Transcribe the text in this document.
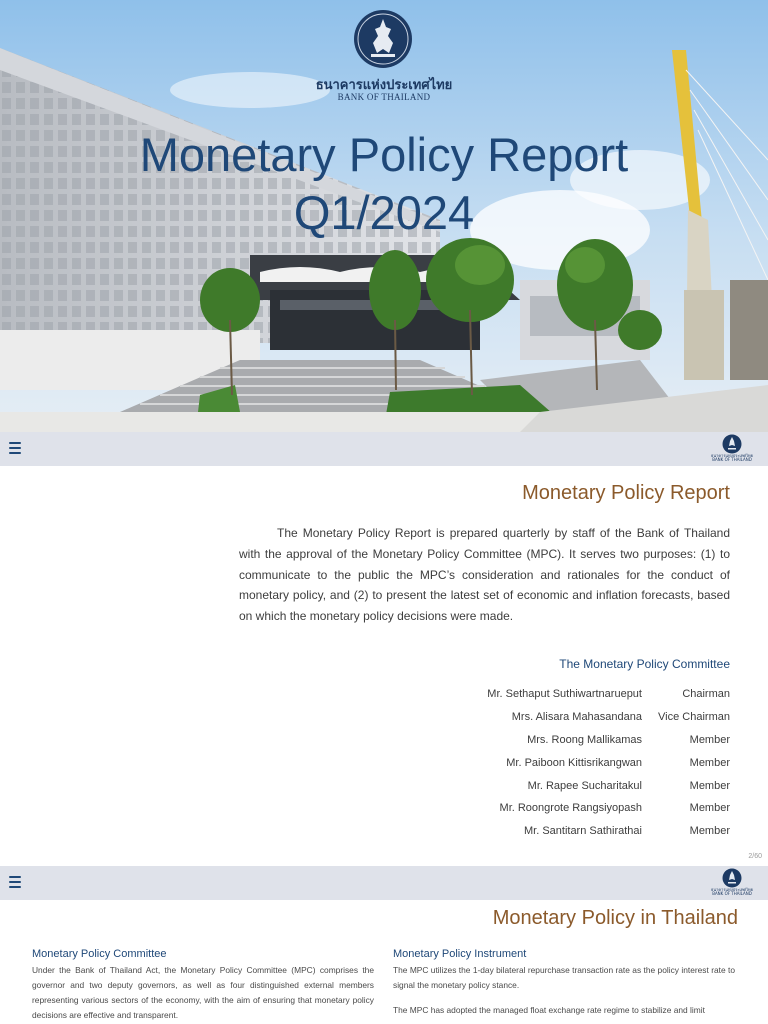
ธนาคารแห่งประเทศไทย
BANK OF THAILAND
Monetary Policy Report
Q1/2024
ธนาคารแห่งประเทศไทย
BANK OF THAILAND
Monetary Policy Report

The Monetary Policy Report is prepared quarterly by staff of the Bank of Thailand with the approval of the Monetary Policy Committee (MPC). It serves two purposes: (1) to communicate to the public the MPC’s consideration and rationales for the conduct of monetary policy, and (2) to present the latest set of economic and inflation forecasts, based on which the monetary policy decisions were made.

The Monetary Policy Committee
Mr. Sethaput Suthiwartnarueput	Chairman
Mrs. Alisara Mahasandana	Vice Chairman
Mrs. Roong Mallikamas	Member
Mr. Paiboon Kittisrikangwan	Member
Mr. Rapee Sucharitakul	Member
Mr. Roongrote Rangsiyopash	Member
Mr. Santitarn Sathirathai	Member
2/60
ธนาคารแห่งประเทศไทย
BANK OF THAILAND
Monetary Policy in Thailand
Monetary Policy Committee

Under the Bank of Thailand Act, the Monetary Policy Committee (MPC) comprises the governor and two deputy governors, as well as four distinguished external members representing various sectors of the economy, with the aim of ensuring that monetary policy decisions are effective and transparent.

Monetary Policy Instrument

The MPC utilizes the 1-day bilateral repurchase transaction rate as the policy interest rate to signal the monetary policy stance.

The MPC has adopted the managed float exchange rate regime to stabilize and limit
